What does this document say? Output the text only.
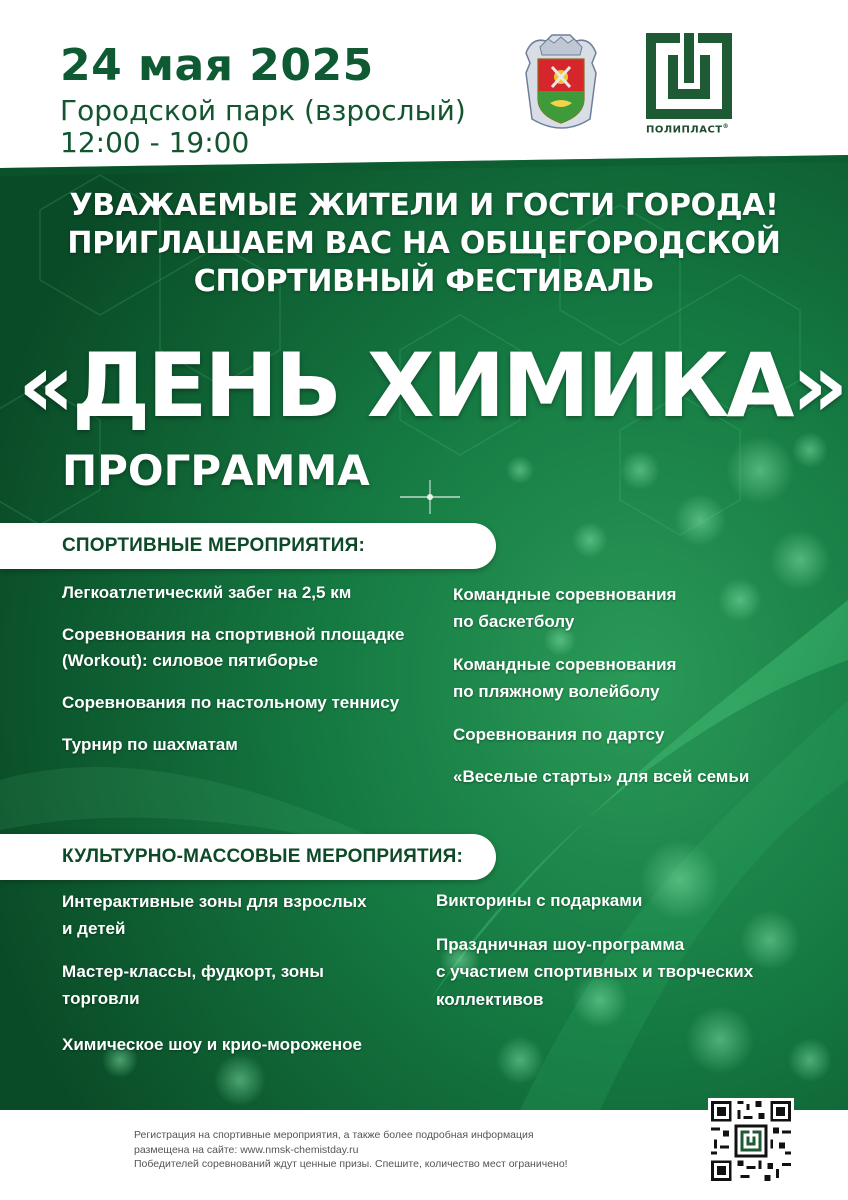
24 мая 2025
Городской парк (взрослый)
12:00 - 19:00	ПОЛИПЛАСТ®
УВАЖАЕМЫЕ ЖИТЕЛИ И ГОСТИ ГОРОДА!
ПРИГЛАШАЕМ ВАС НА ОБЩЕГОРОДСКОЙ
СПОРТИВНЫЙ ФЕСТИВАЛЬ
«ДЕНЬ ХИМИКА»
ПРОГРАММА
СПОРТИВНЫЕ МЕРОПРИЯТИЯ:
Легкоатлетический забег на 2,5 км
Соревнования на спортивной площадке
(Workout): силовое пятиборье
Соревнования по настольному теннису
Турнир по шахматам
Командные соревнования
по баскетболу
Командные соревнования
по пляжному волейболу
Соревнования по дартсу
«Веселые старты» для всей семьи
КУЛЬТУРНО-МАССОВЫЕ МЕРОПРИЯТИЯ:
Интерактивные зоны для взрослых
и детей
Мастер-классы, фудкорт, зоны
торговли
Химическое шоу и крио-мороженое
Викторины с подарками
Праздничная шоу-программа
с участием спортивных и творческих
коллективов
Регистрация на спортивные мероприятия, а также более подробная информация
размещена на сайте: www.nmsk-chemistday.ru
Победителей соревнований ждут ценные призы. Спешите, количество мест ограничено!
